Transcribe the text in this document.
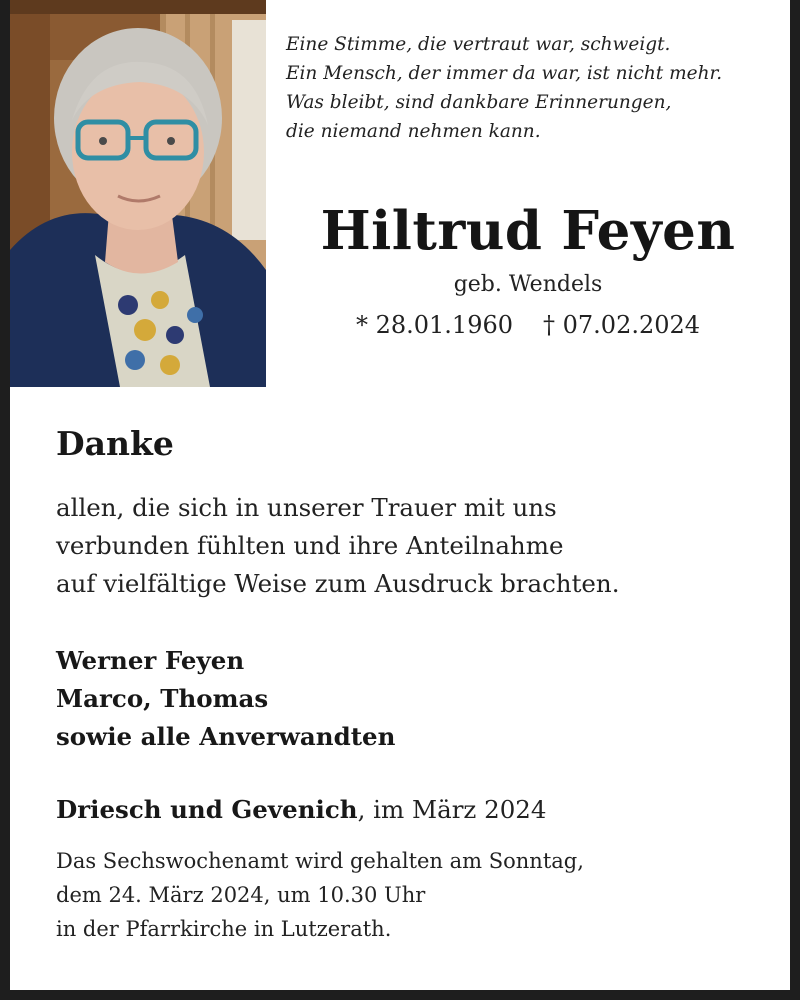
Eine Stimme, die vertraut war, schweigt.
Ein Mensch, der immer da war, ist nicht mehr.
Was bleibt, sind dankbare Erinnerungen,
die niemand nehmen kann.
Hiltrud Feyen
geb. Wendels
* 28.01.1960 † 07.02.2024
Danke
allen, die sich in unserer Trauer mit uns
verbunden fühlten und ihre Anteilnahme
auf vielfältige Weise zum Ausdruck brachten.
Werner Feyen
Marco, Thomas
sowie alle Anverwandten
Driesch und Gevenich, im März 2024
Das Sechswochenamt wird gehalten am Sonntag,
dem 24. März 2024, um 10.30 Uhr
in der Pfarrkirche in Lutzerath.
